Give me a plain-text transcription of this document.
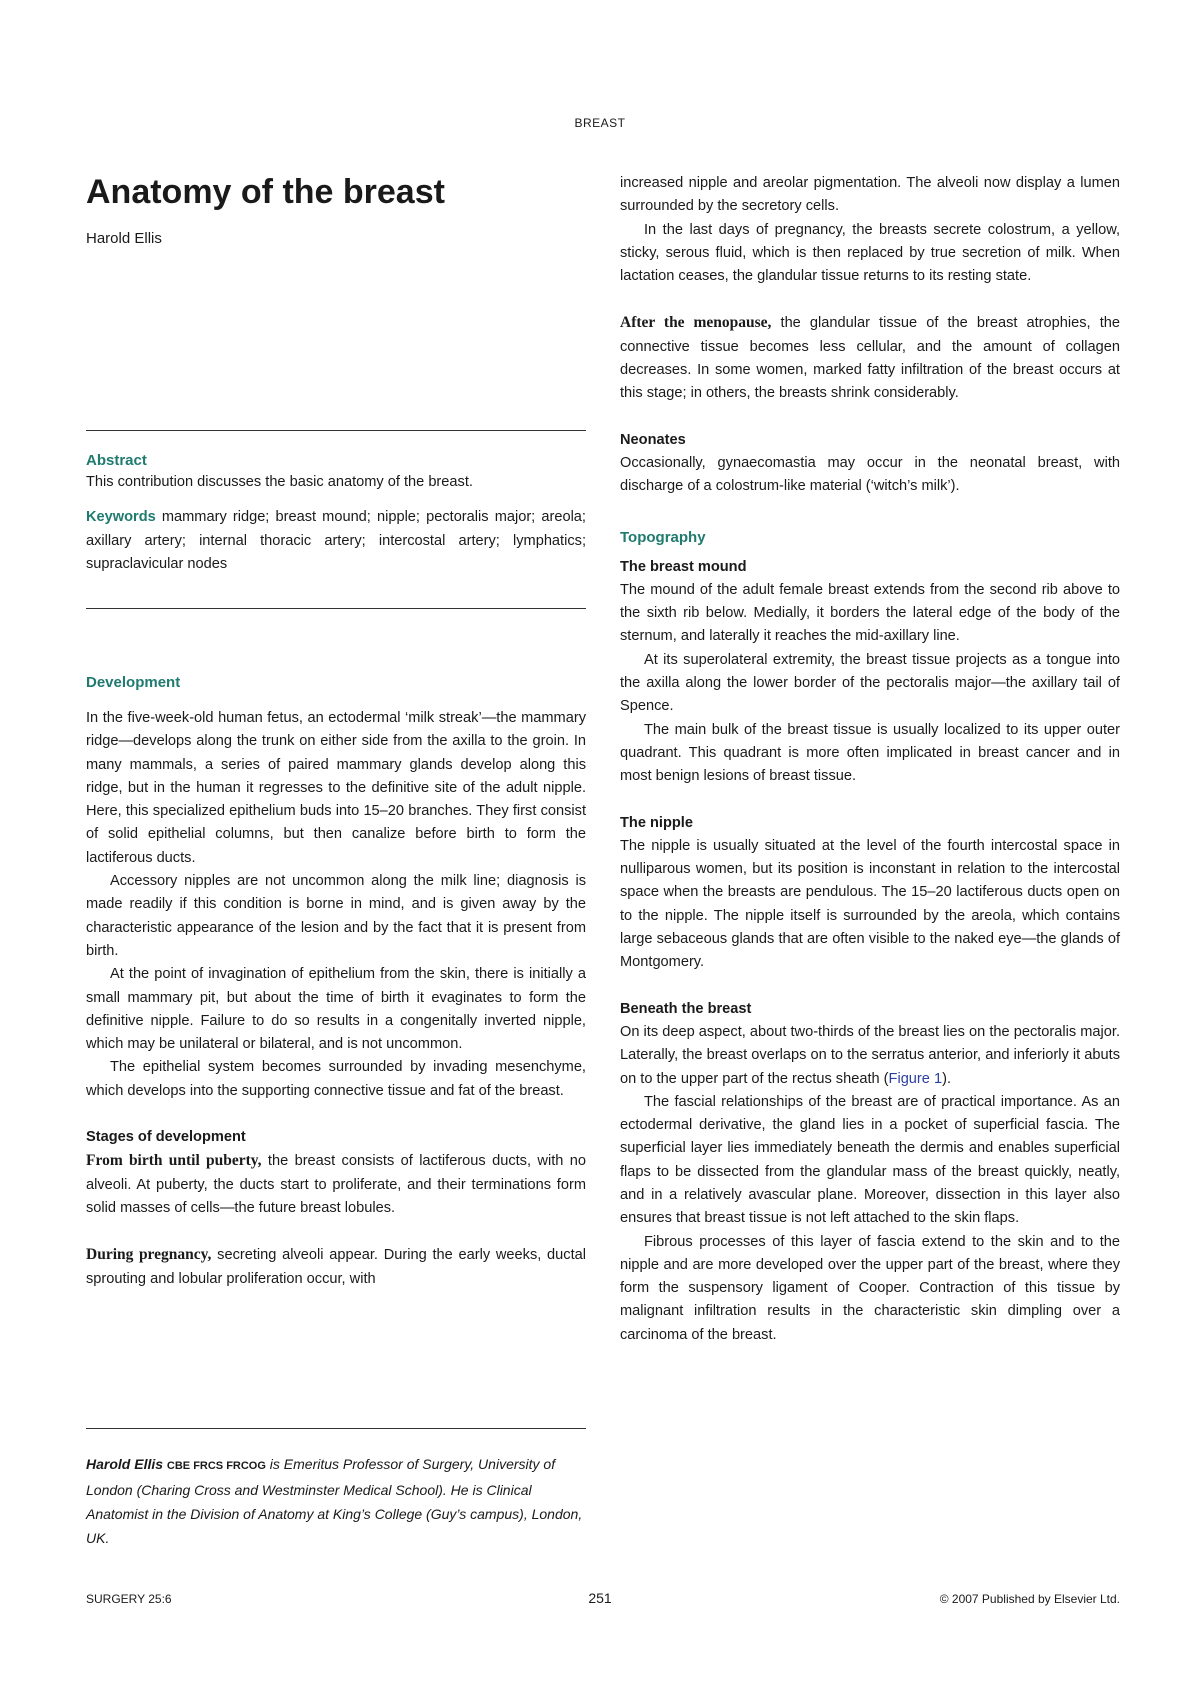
BREAST
Anatomy of the breast
Harold Ellis
Abstract

This contribution discusses the basic anatomy of the breast.

Keywords mammary ridge; breast mound; nipple; pectoralis major; areola; axillary artery; internal thoracic artery; intercostal artery; lymphatics; supraclavicular nodes

Development

In the five-week-old human fetus, an ectodermal ‘milk streak’—the mammary ridge—develops along the trunk on either side from the axilla to the groin. In many mammals, a series of paired mammary glands develop along this ridge, but in the human it regresses to the definitive site of the adult nipple. Here, this specialized epithelium buds into 15–20 branches. They first consist of solid epithelial columns, but then canalize before birth to form the lactiferous ducts.

Accessory nipples are not uncommon along the milk line; diagnosis is made readily if this condition is borne in mind, and is given away by the characteristic appearance of the lesion and by the fact that it is present from birth.

At the point of invagination of epithelium from the skin, there is initially a small mammary pit, but about the time of birth it evaginates to form the definitive nipple. Failure to do so results in a congenitally inverted nipple, which may be unilateral or bilateral, and is not uncommon.

The epithelial system becomes surrounded by invading mesenchyme, which develops into the supporting connective tissue and fat of the breast.

Stages of development

From birth until puberty, the breast consists of lactiferous ducts, with no alveoli. At puberty, the ducts start to proliferate, and their terminations form solid masses of cells—the future breast lobules.

During pregnancy, secreting alveoli appear. During the early weeks, ductal sprouting and lobular proliferation occur, with

Harold Ellis CBE FRCS FRCOG is Emeritus Professor of Surgery, University of London (Charing Cross and Westminster Medical School). He is Clinical Anatomist in the Division of Anatomy at King’s College (Guy’s campus), London, UK.

increased nipple and areolar pigmentation. The alveoli now display a lumen surrounded by the secretory cells.

In the last days of pregnancy, the breasts secrete colostrum, a yellow, sticky, serous fluid, which is then replaced by true secretion of milk. When lactation ceases, the glandular tissue returns to its resting state.

After the menopause, the glandular tissue of the breast atrophies, the connective tissue becomes less cellular, and the amount of collagen decreases. In some women, marked fatty infiltration of the breast occurs at this stage; in others, the breasts shrink considerably.

Neonates

Occasionally, gynaecomastia may occur in the neonatal breast, with discharge of a colostrum-like material (‘witch’s milk’).

Topography
The breast mound

The mound of the adult female breast extends from the second rib above to the sixth rib below. Medially, it borders the lateral edge of the body of the sternum, and laterally it reaches the mid-axillary line.

At its superolateral extremity, the breast tissue projects as a tongue into the axilla along the lower border of the pectoralis major—the axillary tail of Spence.

The main bulk of the breast tissue is usually localized to its upper outer quadrant. This quadrant is more often implicated in breast cancer and in most benign lesions of breast tissue.

The nipple

The nipple is usually situated at the level of the fourth intercostal space in nulliparous women, but its position is inconstant in relation to the intercostal space when the breasts are pendulous. The 15–20 lactiferous ducts open on to the nipple. The nipple itself is surrounded by the areola, which contains large sebaceous glands that are often visible to the naked eye—the glands of Montgomery.

Beneath the breast

On its deep aspect, about two-thirds of the breast lies on the pectoralis major. Laterally, the breast overlaps on to the serratus anterior, and inferiorly it abuts on to the upper part of the rectus sheath (Figure 1).

The fascial relationships of the breast are of practical importance. As an ectodermal derivative, the gland lies in a pocket of superficial fascia. The superficial layer lies immediately beneath the dermis and enables superficial flaps to be dissected from the glandular mass of the breast quickly, neatly, and in a relatively avascular plane. Moreover, dissection in this layer also ensures that breast tissue is not left attached to the skin flaps.

Fibrous processes of this layer of fascia extend to the skin and to the nipple and are more developed over the upper part of the breast, where they form the suspensory ligament of Cooper. Contraction of this tissue by malignant infiltration results in the characteristic skin dimpling over a carcinoma of the breast.

SURGERY 25:6	251	© 2007 Published by Elsevier Ltd.
